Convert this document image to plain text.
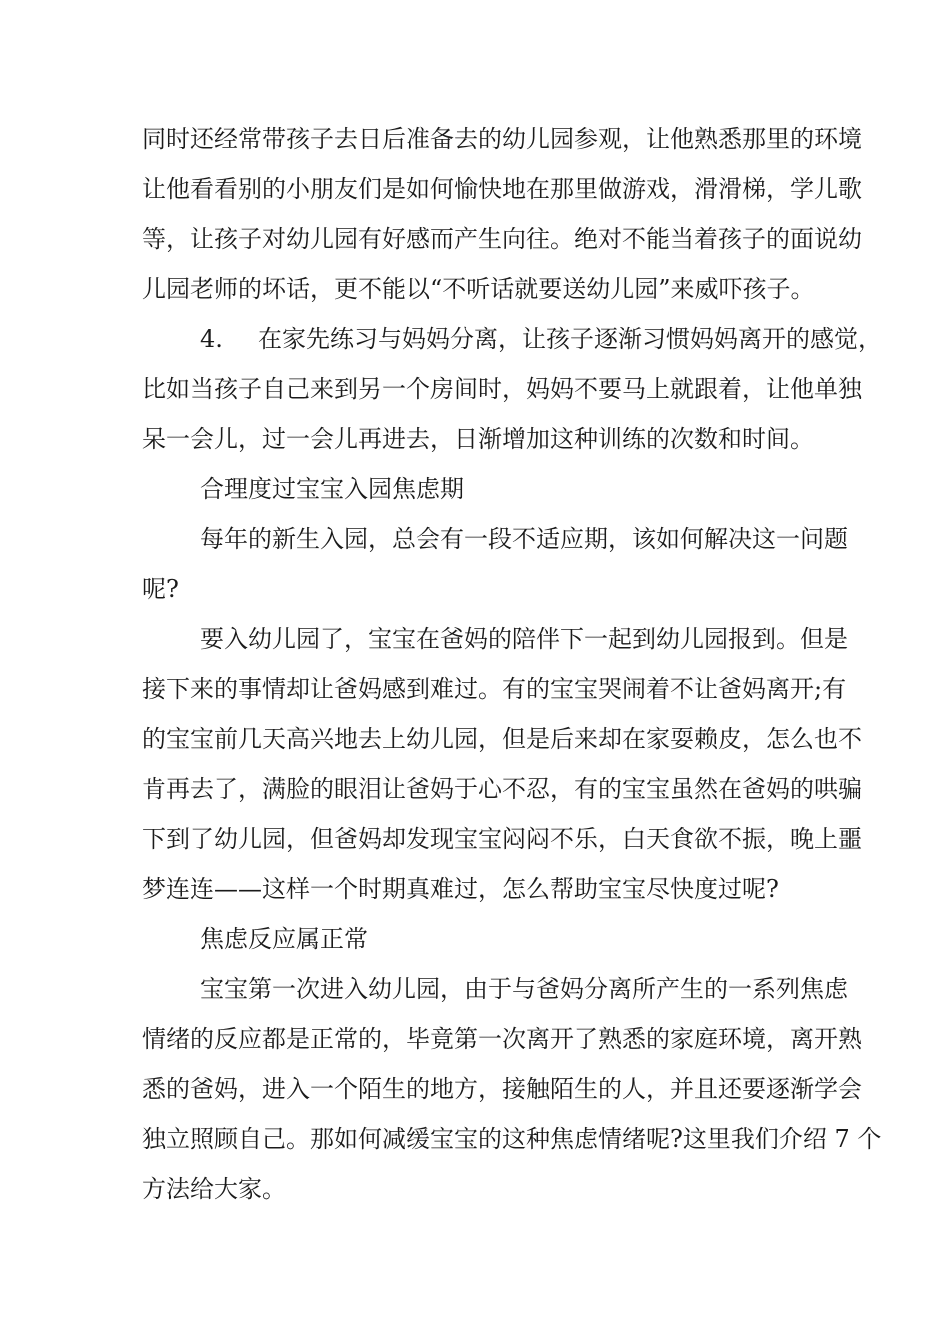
同时还经常带孩子去日后准备去的幼儿园参观，让他熟悉那里的环境
让他看看别的小朋友们是如何愉快地在那里做游戏，滑滑梯，学儿歌
等，让孩子对幼儿园有好感而产生向往。绝对不能当着孩子的面说幼
儿园老师的坏话，更不能以“不听话就要送幼儿园”来威吓孩子。
4. 在家先练习与妈妈分离，让孩子逐渐习惯妈妈离开的感觉，
比如当孩子自己来到另一个房间时，妈妈不要马上就跟着，让他单独
呆一会儿，过一会儿再进去，日渐增加这种训练的次数和时间。
合理度过宝宝入园焦虑期
每年的新生入园，总会有一段不适应期，该如何解决这一问题
呢?
要入幼儿园了，宝宝在爸妈的陪伴下一起到幼儿园报到。但是
接下来的事情却让爸妈感到难过。有的宝宝哭闹着不让爸妈离开;有
的宝宝前几天高兴地去上幼儿园，但是后来却在家耍赖皮，怎么也不
肯再去了，满脸的眼泪让爸妈于心不忍，有的宝宝虽然在爸妈的哄骗
下到了幼儿园，但爸妈却发现宝宝闷闷不乐，白天食欲不振，晚上噩
梦连连——这样一个时期真难过，怎么帮助宝宝尽快度过呢?
焦虑反应属正常
宝宝第一次进入幼儿园，由于与爸妈分离所产生的一系列焦虑
情绪的反应都是正常的，毕竟第一次离开了熟悉的家庭环境，离开熟
悉的爸妈，进入一个陌生的地方，接触陌生的人，并且还要逐渐学会
独立照顾自己。那如何减缓宝宝的这种焦虑情绪呢?这里我们介绍 7 个
方法给大家。
